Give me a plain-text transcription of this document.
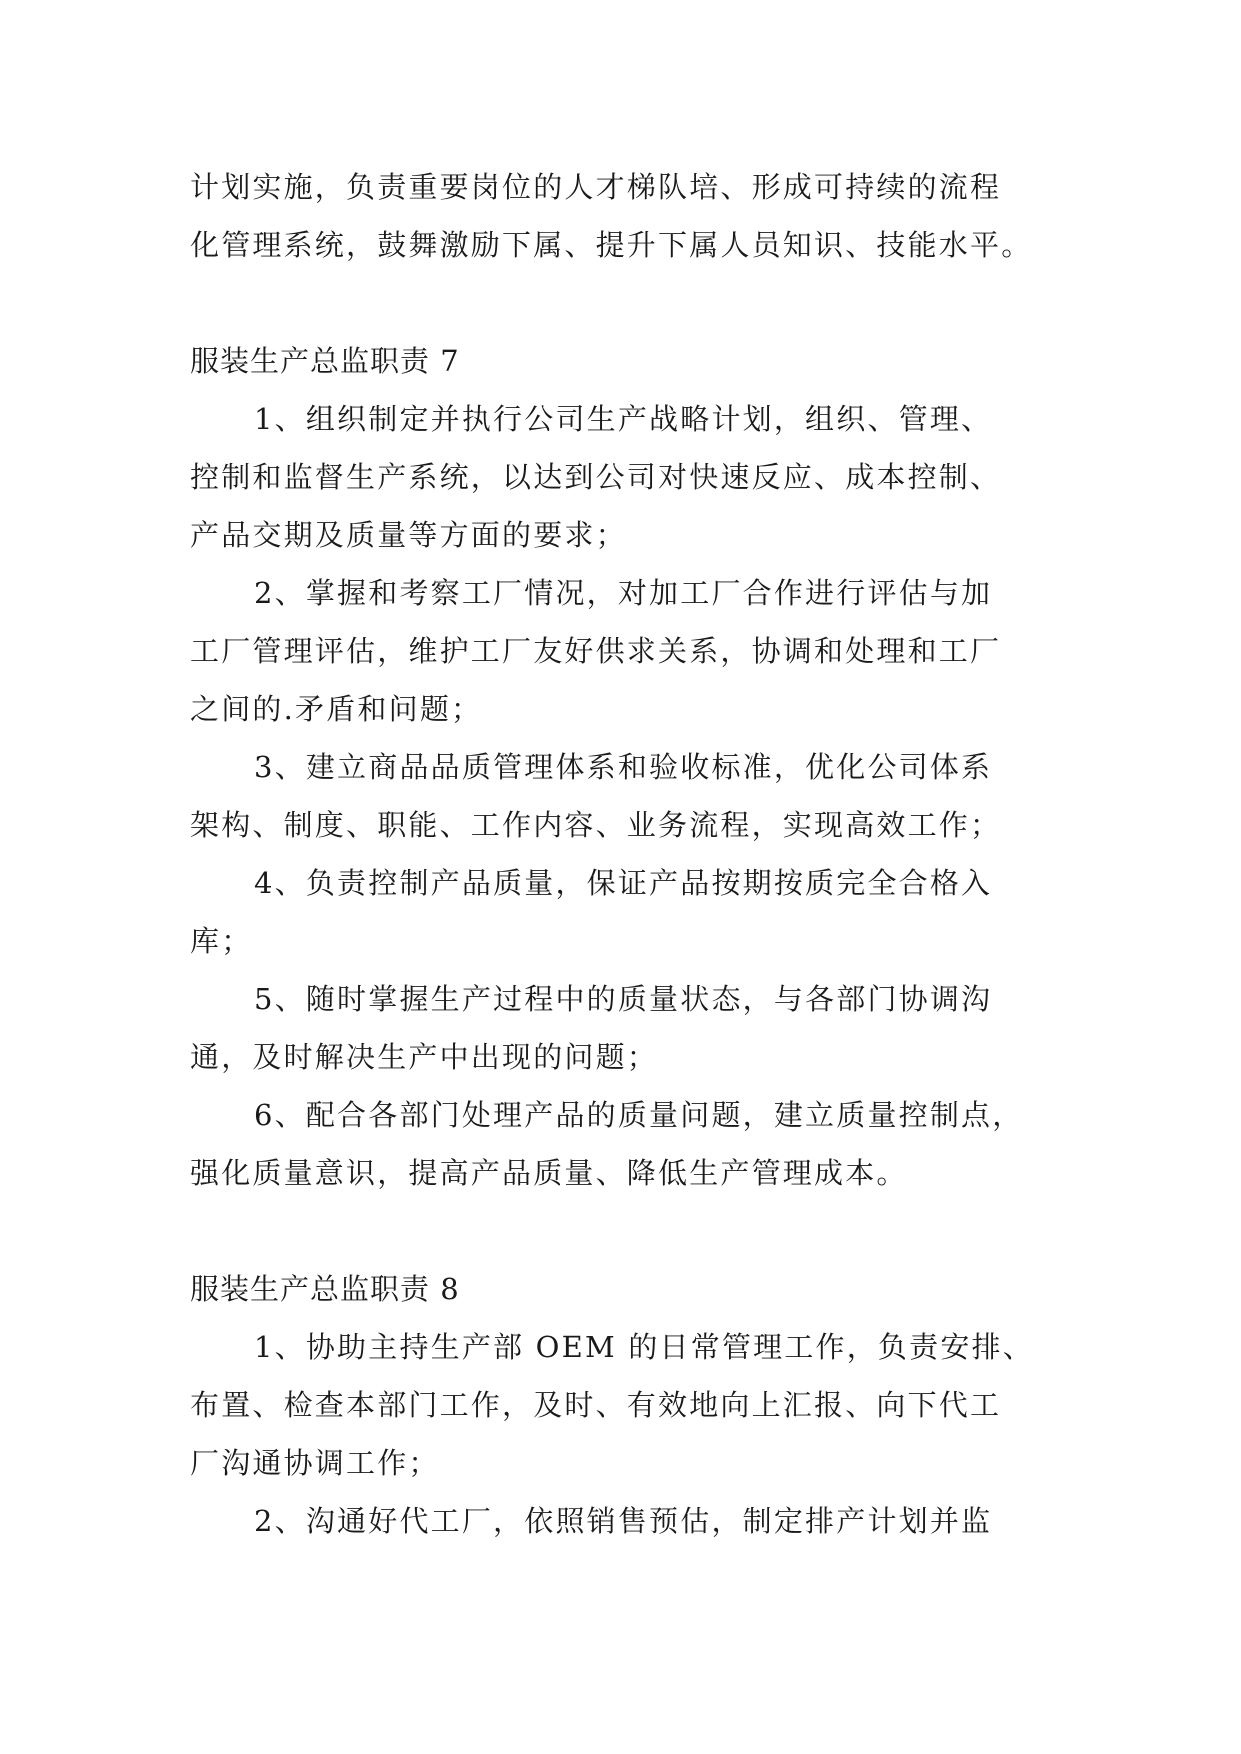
计划实施，负责重要岗位的人才梯队培、形成可持续的流程
化管理系统，鼓舞激励下属、提升下属人员知识、技能水平。
服装生产总监职责 7
1、组织制定并执行公司生产战略计划，组织、管理、
控制和监督生产系统，以达到公司对快速反应、成本控制、
产品交期及质量等方面的要求；
2、掌握和考察工厂情况，对加工厂合作进行评估与加
工厂管理评估，维护工厂友好供求关系，协调和处理和工厂
之间的.矛盾和问题；
3、建立商品品质管理体系和验收标准，优化公司体系
架构、制度、职能、工作内容、业务流程，实现高效工作；
4、负责控制产品质量，保证产品按期按质完全合格入
库；
5、随时掌握生产过程中的质量状态，与各部门协调沟
通，及时解决生产中出现的问题；
6、配合各部门处理产品的质量问题，建立质量控制点，
强化质量意识，提高产品质量、降低生产管理成本。
服装生产总监职责 8
1、协助主持生产部 OEM 的日常管理工作，负责安排、
布置、检查本部门工作，及时、有效地向上汇报、向下代工
厂沟通协调工作；
2、沟通好代工厂，依照销售预估，制定排产计划并监
